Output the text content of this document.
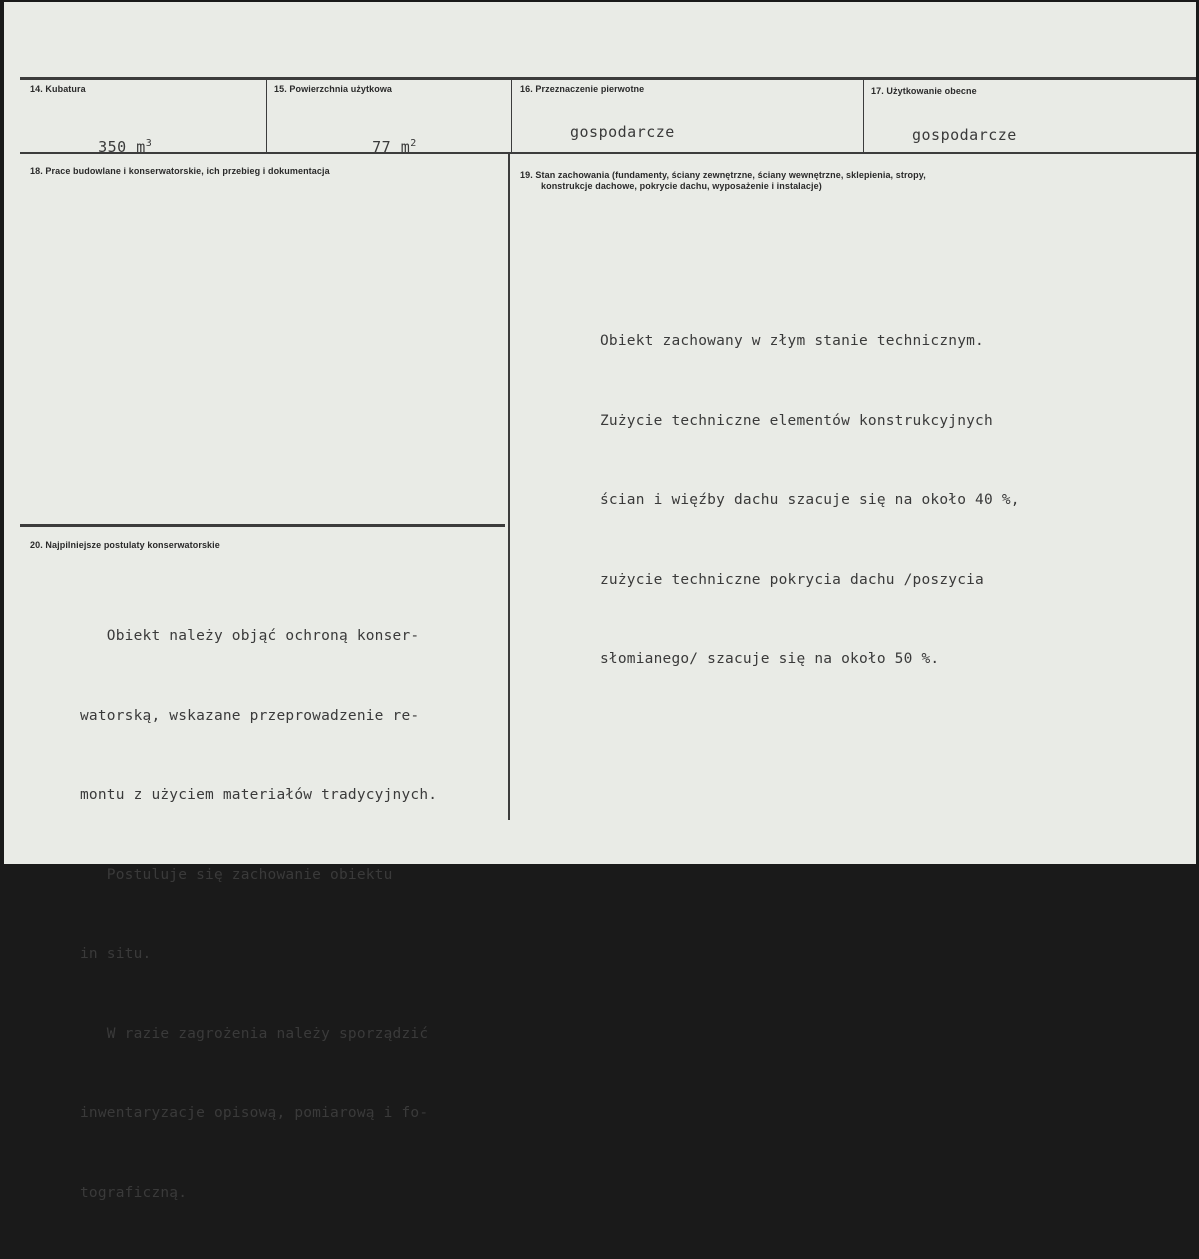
14. Kubatura

350 $m^3$

15. Powierzchnia użytkowa

77 $m^2$

16. Przeznaczenie pierwotne
gospodarcze
17. Użytkowanie obecne
gospodarcze
18. Prace budowlane i konserwatorskie, ich przebieg i dokumentacja	19. Stan zachowania (fundamenty, ściany zewnętrzne, ściany wewnętrzne, sklepienia, stropy,
konstrukcje dachowe, pokrycie dachu, wyposażenie i instalacje)

Obiekt zachowany w złym stanie technicznym.

Zużycie techniczne elementów konstrukcyjnych

ścian i więźby dachu szacuje się na około 40 %,

zużycie techniczne pokrycia dachu /poszycia

słomianego/ szacuje się na około 50 %.

20. Najpilniejsze postulaty konserwatorskie

Obiekt należy objąć ochroną konser-

watorską, wskazane przeprowadzenie re-

montu z użyciem materiałów tradycyjnych.

Postuluje się zachowanie obiektu

in situ.

W razie zagrożenia należy sporządzić

inwentaryzacje opisową, pomiarową i fo-

tograficzną.
